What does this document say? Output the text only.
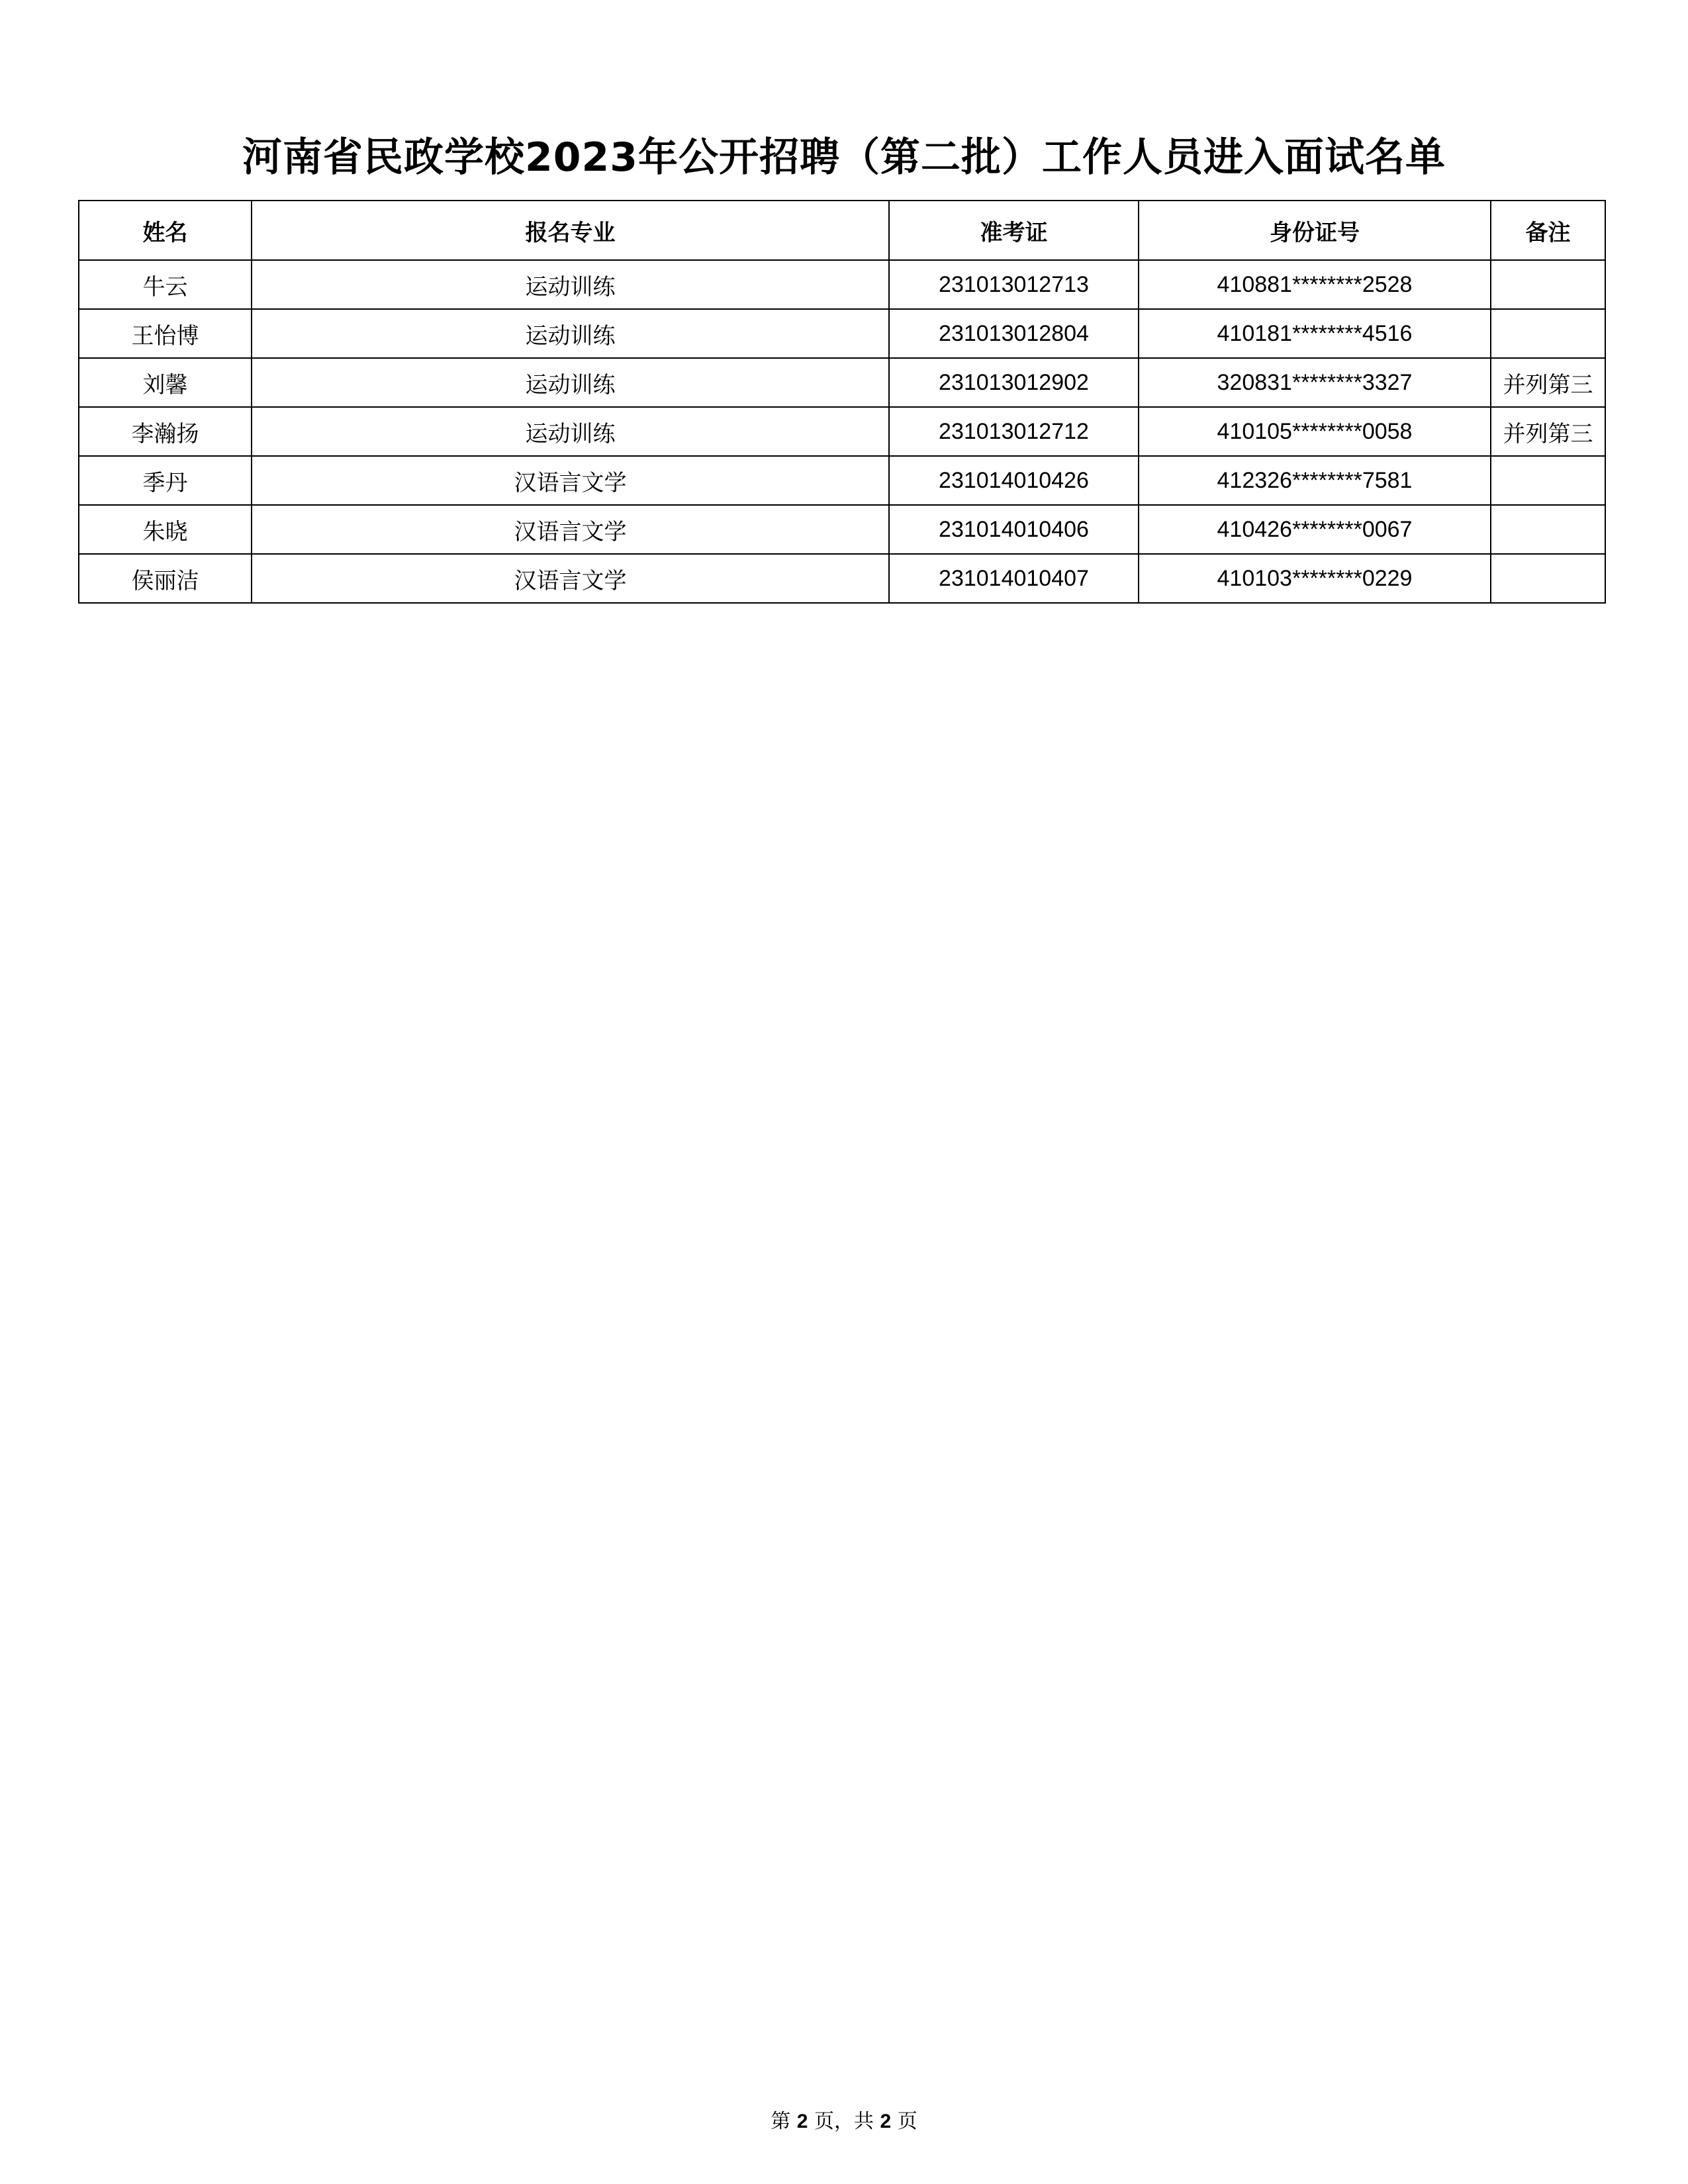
河南省民政学校2023年公开招聘（第二批）工作人员进入面试名单
姓名	报名专业	准考证	身份证号	备注
牛云	运动训练	231013012713	410881********2528	
王怡博	运动训练	231013012804	410181********4516	
刘馨	运动训练	231013012902	320831********3327	并列第三
李瀚扬	运动训练	231013012712	410105********0058	并列第三
季丹	汉语言文学	231014010426	412326********7581	
朱晓	汉语言文学	231014010406	410426********0067	
侯丽洁	汉语言文学	231014010407	410103********0229	
第 2 页，共 2 页
